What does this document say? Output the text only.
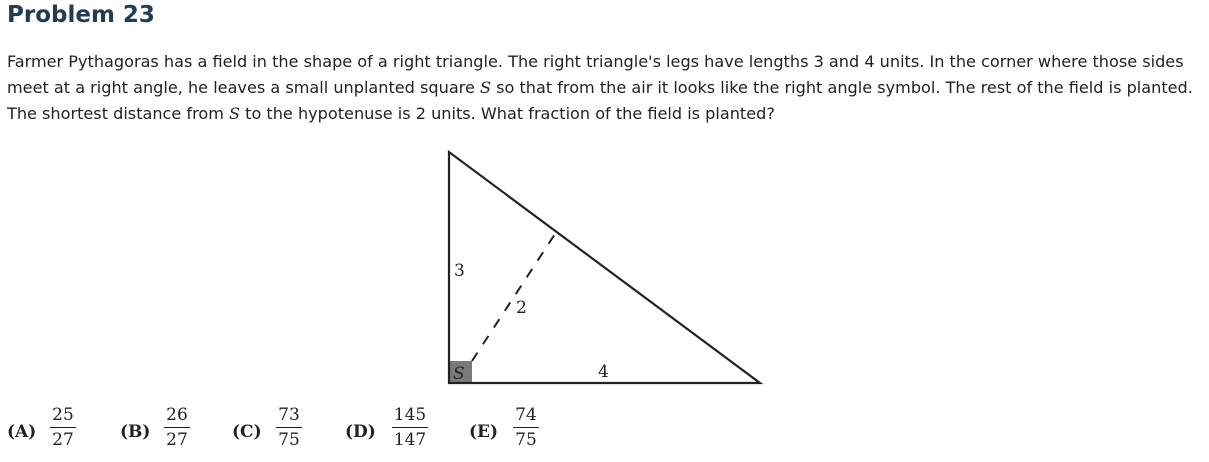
Problem 23

Farmer Pythagoras has a field in the shape of a right triangle. The right triangle's legs have lengths 3 and 4 units. In the corner where those sides meet at a right angle, he leaves a small unplanted square S so that from the air it looks like the right angle symbol. The rest of the field is planted. The shortest distance from S to the hypotenuse is 2 units. What fraction of the field is planted?

S
3
2
4
(A)
25
27	(B)
26
27	(C)
73
75	(D)
145
147	(E)
74
75
